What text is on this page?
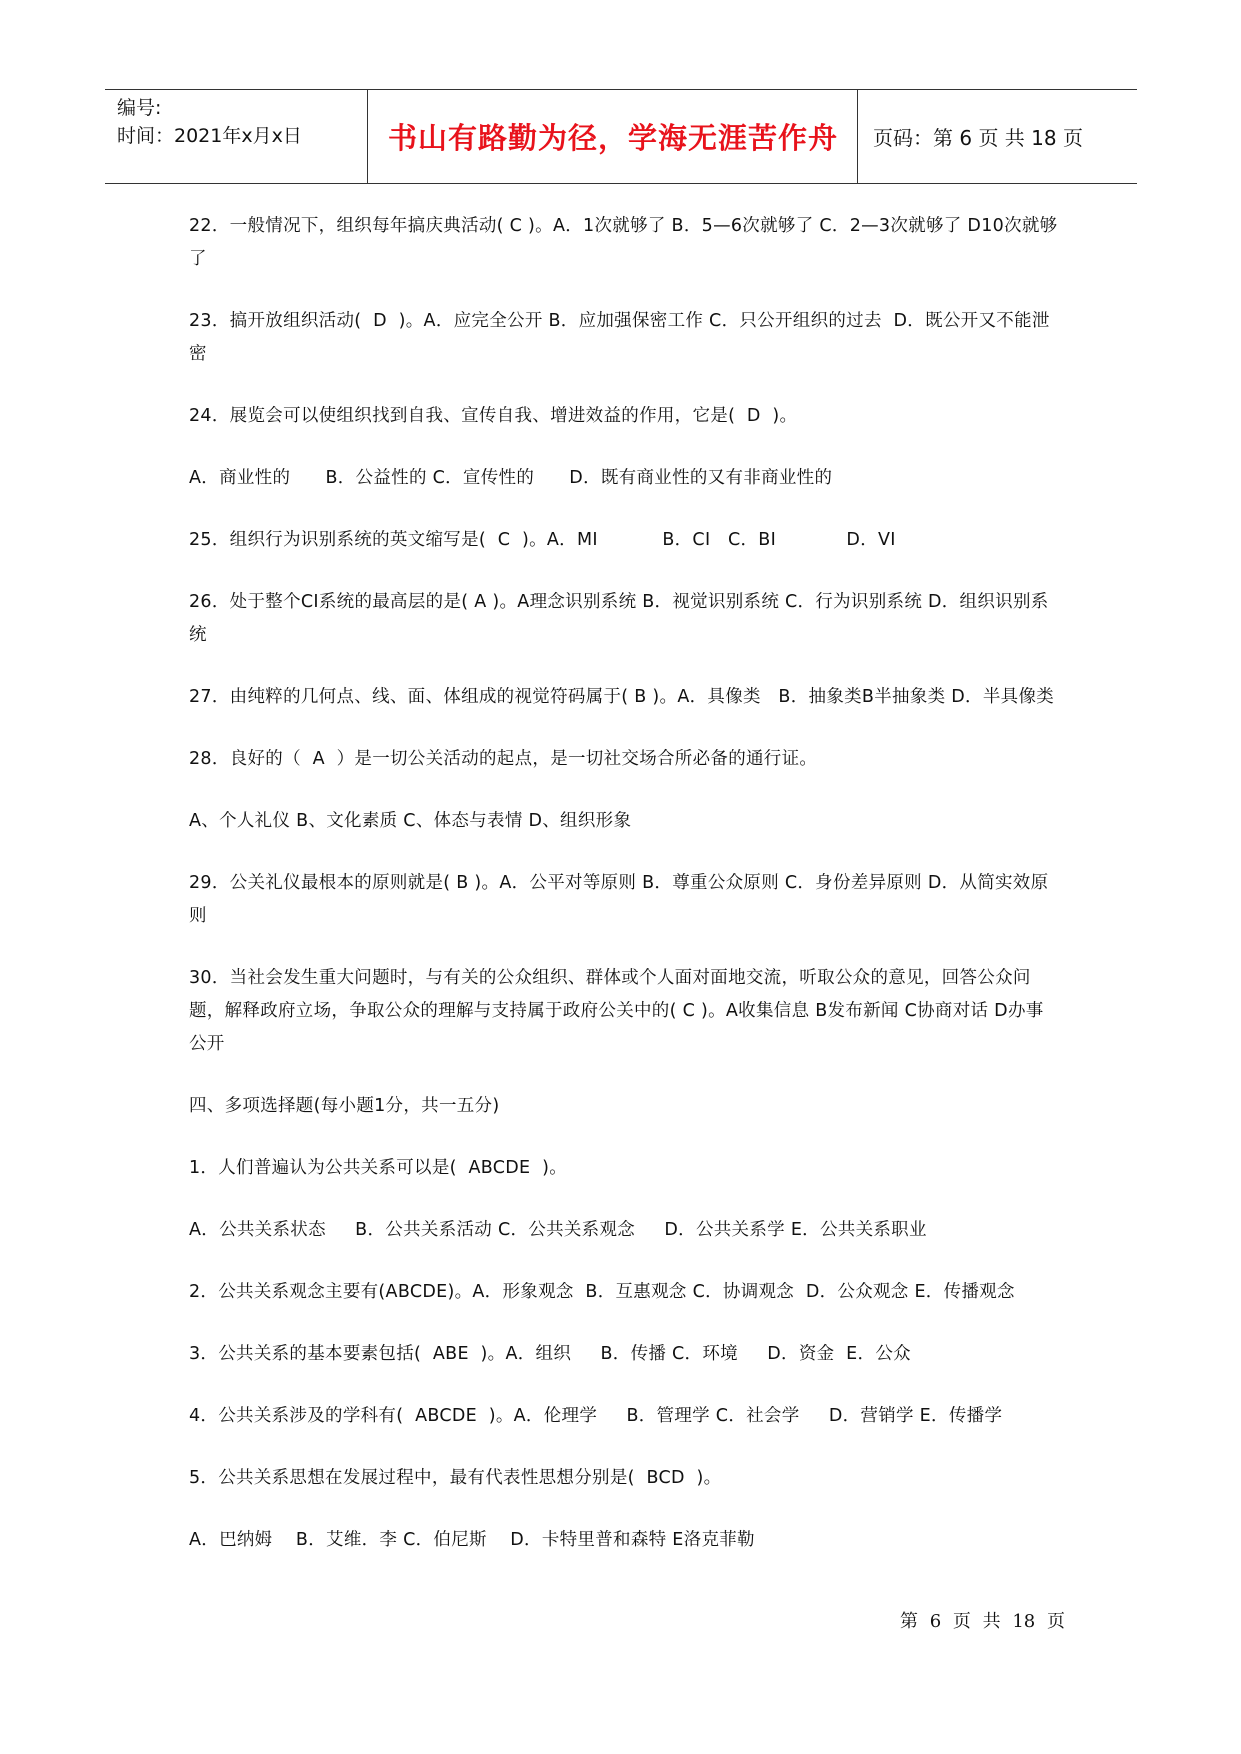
编号:
时间：2021年x月x日	书山有路勤为径，学海无涯苦作舟	页码：第 6 页 共 18 页

22．一般情况下，组织每年搞庆典活动( C )。A．1次就够了 B．5—6次就够了 C．2—3次就够了 D10次就够了

23．搞开放组织活动(  D  )。A．应完全公开 B．应加强保密工作 C．只公开组织的过去  D．既公开又不能泄密

24．展览会可以使组织找到自我、宣传自我、增进效益的作用，它是(  D  )。

A．商业性的      B．公益性的 C．宣传性的      D．既有商业性的又有非商业性的

25．组织行为识别系统的英文缩写是(  C  )。A．MI           B．CI   C．BI            D．VI

26．处于整个CI系统的最高层的是( A )。A理念识别系统 B．视觉识别系统 C．行为识别系统 D．组织识别系统

27．由纯粹的几何点、线、面、体组成的视觉符码属于( B )。A．具像类   B．抽象类B半抽象类 D．半具像类

28．良好的（  A  ）是一切公关活动的起点，是一切社交场合所必备的通行证。

A、个人礼仪 B、文化素质 C、体态与表情 D、组织形象

29．公关礼仪最根本的原则就是( B )。A．公平对等原则 B．尊重公众原则 C．身份差异原则 D．从简实效原则

30．当社会发生重大问题时，与有关的公众组织、群体或个人面对面地交流，听取公众的意见，回答公众问题，解释政府立场，争取公众的理解与支持属于政府公关中的( C )。A收集信息 B发布新闻 C协商对话 D办事公开

四、多项选择题(每小题1分，共一五分)

1．人们普遍认为公共关系可以是(  ABCDE  )。

A．公共关系状态     B．公共关系活动 C．公共关系观念     D．公共关系学 E．公共关系职业

2．公共关系观念主要有(ABCDE)。A．形象观念  B．互惠观念 C．协调观念  D．公众观念 E．传播观念

3．公共关系的基本要素包括(  ABE  )。A．组织     B．传播 C．环境     D．资金  E．公众

4．公共关系涉及的学科有(  ABCDE  )。A．伦理学     B．管理学 C．社会学     D．营销学 E．传播学

5．公共关系思想在发展过程中，最有代表性思想分别是(  BCD  )。

A．巴纳姆    B．艾维．李 C．伯尼斯    D．卡特里普和森特 E洛克菲勒

第 6 页 共 18 页
